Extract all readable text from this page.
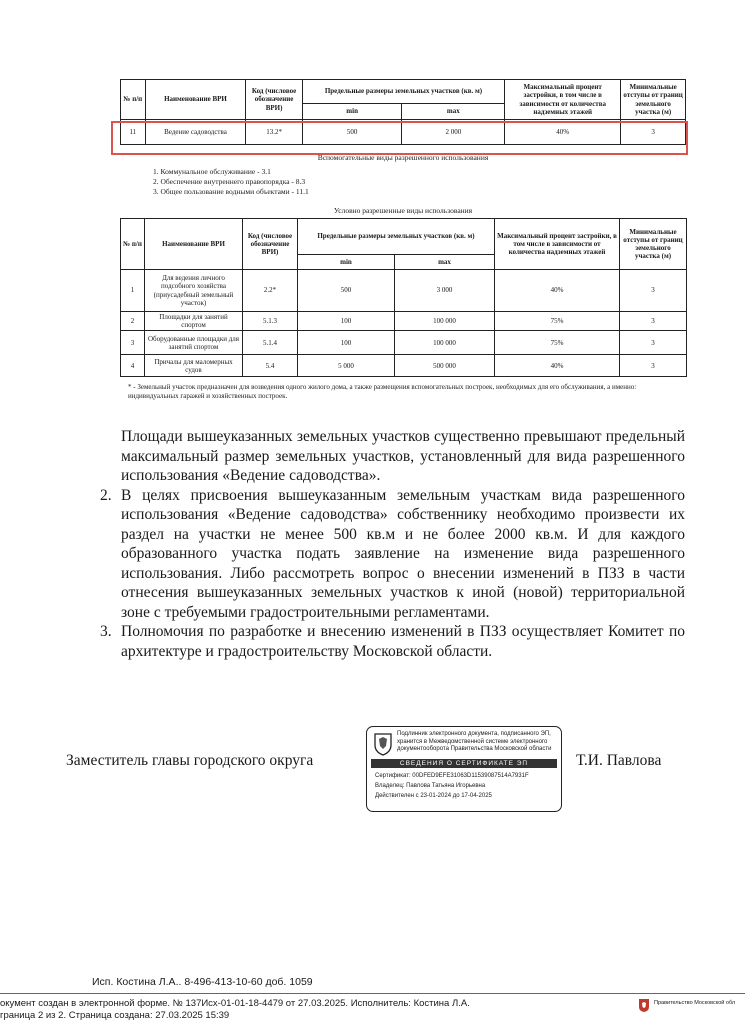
№ п/п	Наименование ВРИ	Код (числовое обозначение ВРИ)	Предельные размеры земельных участков (кв. м)		Максимальный процент застройки, в том числе в зависимости от количества надземных этажей	Минимальные отступы от границ земельного участка (м)
			min	max		
11	Ведение садоводства	13.2*	500	2 000	40%	3
Вспомогательные виды разрешенного использования
1. Коммунальное обслуживание - 3.1
2. Обеспечение внутреннего правопорядка - 8.3
3. Общее пользование водными объектами - 11.1
Условно разрешенные виды использования
№ п/п	Наименование ВРИ	Код (числовое обозначение ВРИ)	Предельные размеры земельных участков (кв. м)		Максимальный процент застройки, в том числе в зависимости от количества надземных этажей	Минимальные отступы от границ земельного участка (м)
			min	max		
1	Для ведения личного подсобного хозяйства (приусадебный земельный участок)	2.2*	500	3 000	40%	3
2	Площадки для занятий спортом	5.1.3	100	100 000	75%	3
3	Оборудованные площадки для занятий спортом	5.1.4	100	100 000	75%	3
4	Причалы для маломерных судов	5.4	5 000	500 000	40%	3
* - Земельный участок предназначен для возведения одного жилого дома, а также размещения вспомогательных построек, необходимых для его обслуживания, а именно: индивидуальных гаражей и хозяйственных построек.

Площади вышеуказанных земельных участков существенно превышают предельный максимальный размер земельных участков, установленный для вида разрешенного использования «Ведение садоводства».

2. В целях присвоения вышеуказанным земельным участкам вида разрешенного использования «Ведение садоводства» собственнику необходимо произвести их раздел на участки не менее 500 кв.м и не более 2000 кв.м. И для каждого образованного участка подать заявление на изменение вида разрешенного использования. Либо рассмотреть вопрос о внесении изменений в ПЗЗ в части отнесения вышеуказанных земельных участков к иной (новой) территориальной зоне с требуемыми градостроительными регламентами.

3. Полномочия по разработке и внесению изменений в ПЗЗ осуществляет Комитет по архитектуре и градостроительству Московской области.

Заместитель главы городского округа	Т.И. Павлова
Подлинник электронного документа, подписанного ЭП, хранится в Межведомственной системе электронного документооборота Правительства Московской области
СВЕДЕНИЯ О СЕРТИФИКАТЕ ЭП
Сертификат: 00DFED9EFE31063D11539087514A7931F
Владелец: Павлова Татьяна Игорьевна
Действителен с 23-01-2024 до 17-04-2025
Исп. Костина Л.А.. 8-496-413-10-60 доб. 1059
окумент создан в электронной форме. № 137Исх-01-01-18-4479 от 27.03.2025. Исполнитель: Костина Л.А.
граница 2 из 2. Страница создана: 27.03.2025 15:39
Правительство Московской обл
